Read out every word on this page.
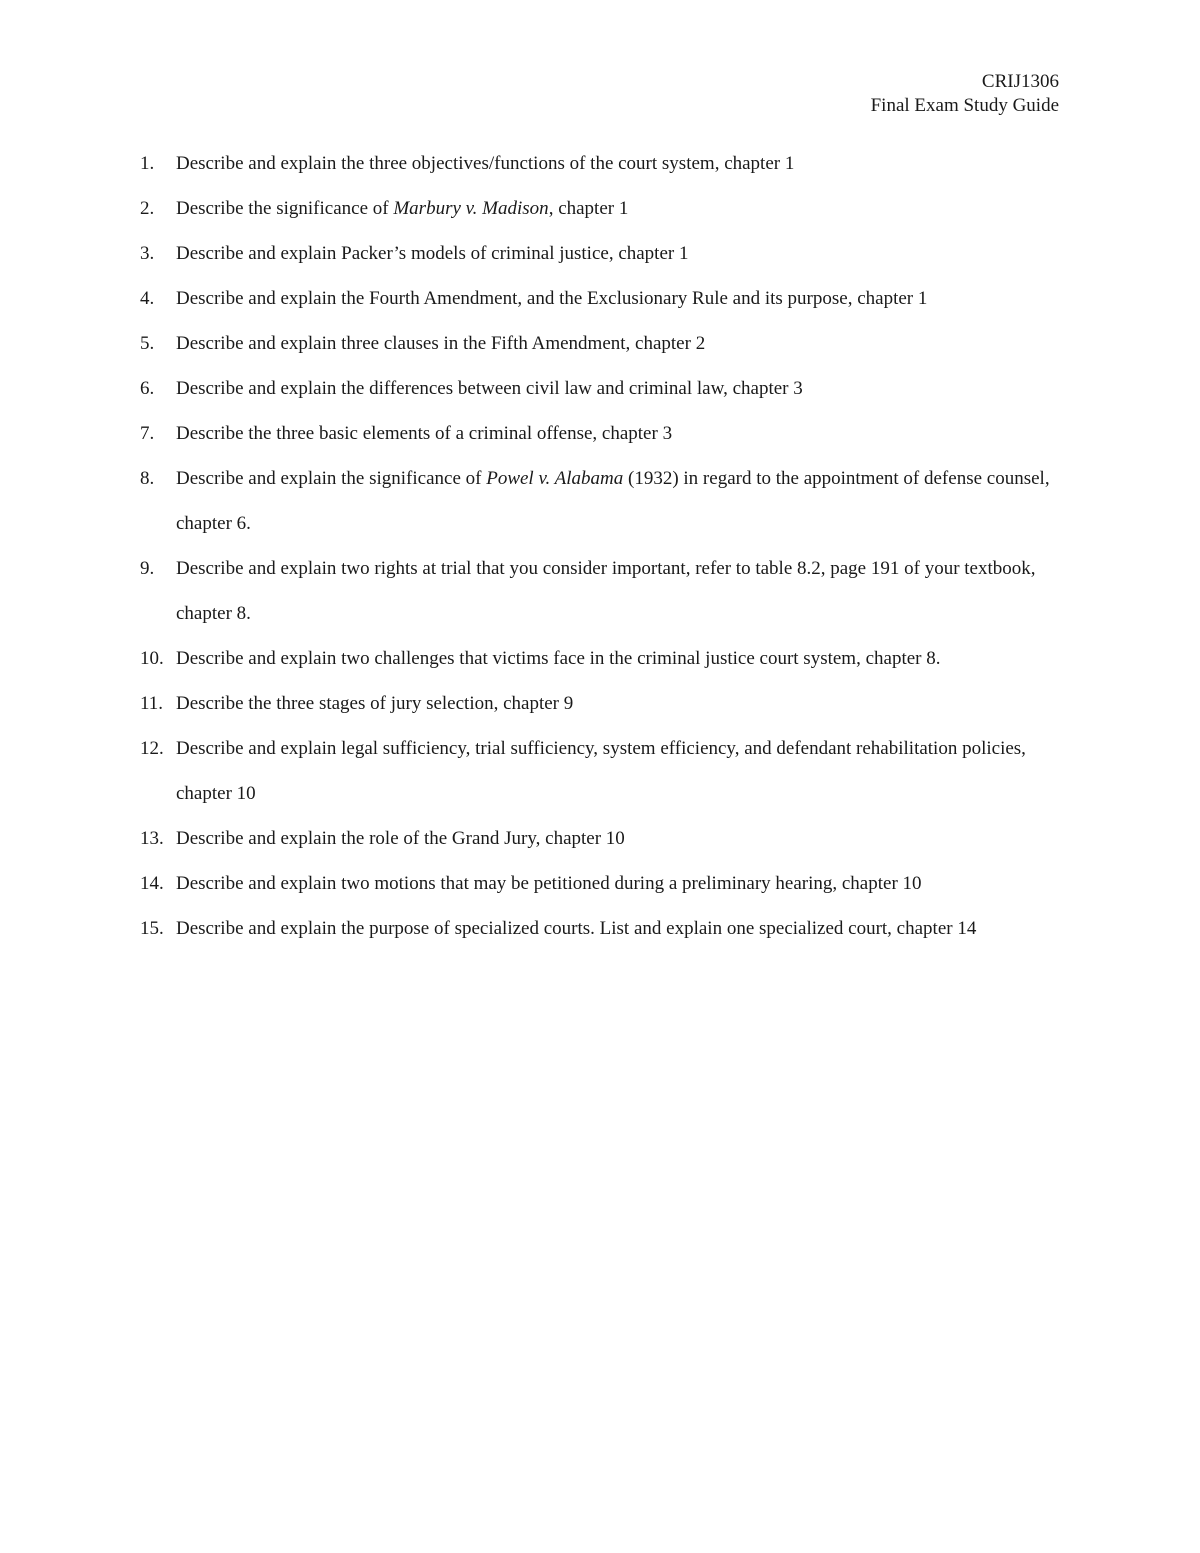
CRIJ1306
Final Exam Study Guide
1. Describe and explain the three objectives/functions of the court system, chapter 1
2. Describe the significance of Marbury v. Madison, chapter 1
3. Describe and explain Packer’s models of criminal justice, chapter 1
4. Describe and explain the Fourth Amendment, and the Exclusionary Rule and its purpose, chapter 1
5. Describe and explain three clauses in the Fifth Amendment, chapter 2
6. Describe and explain the differences between civil law and criminal law, chapter 3
7. Describe the three basic elements of a criminal offense, chapter 3
8. Describe and explain the significance of Powel v. Alabama (1932) in regard to the appointment of defense counsel, chapter 6.
9. Describe and explain two rights at trial that you consider important, refer to table 8.2, page 191 of your textbook, chapter 8.
10. Describe and explain two challenges that victims face in the criminal justice court system, chapter 8.
11. Describe the three stages of jury selection, chapter 9
12. Describe and explain legal sufficiency, trial sufficiency, system efficiency, and defendant rehabilitation policies, chapter 10
13. Describe and explain the role of the Grand Jury, chapter 10
14. Describe and explain two motions that may be petitioned during a preliminary hearing, chapter 10
15. Describe and explain the purpose of specialized courts. List and explain one specialized court, chapter 14
